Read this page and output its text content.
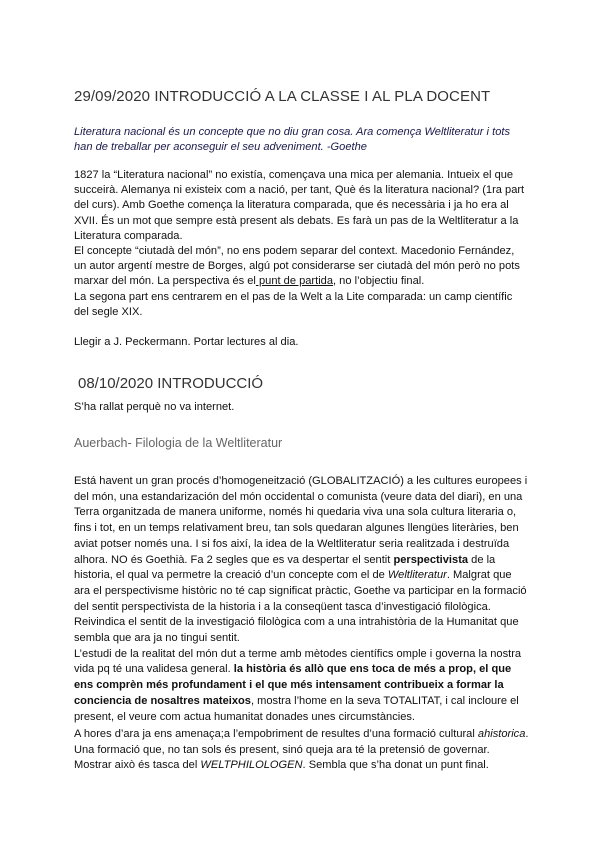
29/09/2020 INTRODUCCIÓ A LA CLASSE I AL PLA DOCENT
Literatura nacional és un concepte que no diu gran cosa. Ara comença Weltliteratur i tots
han de treballar per aconseguir el seu adveniment. -Goethe
1827 la “Literatura nacional” no existía, començava una mica per alemania. Intueix el que
succeirà. Alemanya ni existeix com a nació, per tant, Què és la literatura nacional? (1ra part
del curs). Amb Goethe comença la literatura comparada, que és necessària i ja ho era al
XVII. És un mot que sempre està present als debats. Es farà un pas de la Weltliteratur a la
Literatura comparada.
El concepte “ciutadà del món”, no ens podem separar del context. Macedonio Fernández,
un autor argentí mestre de Borges, algú pot considerarse ser ciutadà del món però no pots
marxar del món. La perspectiva és el punt de partida, no l’objectiu final.
La segona part ens centrarem en el pas de la Welt a la Lite comparada: un camp científic
del segle XIX.
Llegir a J. Peckermann. Portar lectures al dia.
08/10/2020 INTRODUCCIÓ
S’ha rallat perquè no va internet.
Auerbach- Filologia de la Weltliteratur
Está havent un gran procés d’homogeneització (GLOBALITZACIÓ) a les cultures europees i
del món, una estandarización del món occidental o comunista (veure data del diari), en una
Terra organitzada de manera uniforme, només hi quedaria viva una sola cultura literaria o,
fins i tot, en un temps relativament breu, tan sols quedaran algunes llengües literàries, ben
aviat potser només una. I si fos així, la idea de la Weltliteratur seria realitzada i destruïda
alhora. NO és Goethià. Fa 2 segles que es va despertar el sentit perspectivista de la
historia, el qual va permetre la creació d’un concepte com el de Weltliteratur. Malgrat que
ara el perspectivisme històric no té cap significat pràctic, Goethe va participar en la formació
del sentit perspectivista de la historia i a la conseqüent tasca d’investigació filològica.
Reivindica el sentit de la investigació filològica com a una intrahistòria de la Humanitat que
sembla que ara ja no tingui sentit.
L’estudi de la realitat del món dut a terme amb mètodes científics omple i governa la nostra
vida pq té una validesa general. la història és allò que ens toca de més a prop, el que
ens comprèn més profundament i el que més intensament contribueix a formar la
conciencia de nosaltres mateixos, mostra l’home en la seva TOTALITAT, i cal incloure el
present, el veure com actua humanitat donades unes circumstàncies.
A hores d’ara ja ens amenaça;a l’empobriment de resultes d’una formació cultural ahistorica.
Una formació que, no tan sols és present, sinó queja ara té la pretensió de governar.
Mostrar això és tasca del WELTPHILOLOGEN. Sembla que s’ha donat un punt final.
